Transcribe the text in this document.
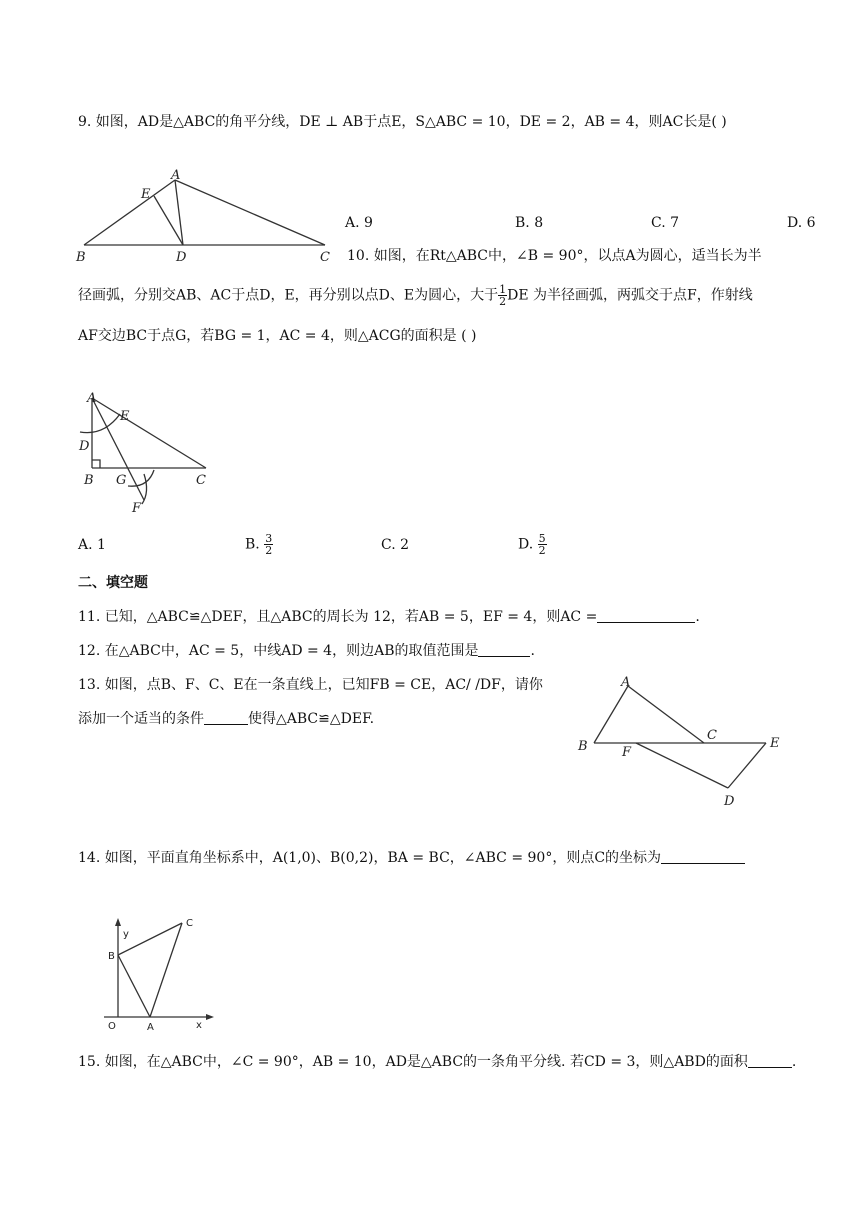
9. 如图，AD是△ABC的角平分线，DE ⊥ AB于点E，S△ABC = 10，DE = 2，AB = 4，则AC长是( )
A
E
B	D	C
A. 9	B. 8	C. 7	D. 6
10. 如图，在Rt△ABC中，∠B = 90°，以点A为圆心，适当长为半
径画弧，分别交AB、AC于点D，E，再分别以点D、E为圆心，大于 $\frac{1}{2}$ DE 为半径画弧，两弧交于点F，作射线
AF交边BC于点G，若BG = 1，AC = 4，则△ACG的面积是 ( )
A
E
D
B G	C
F
A. 1	B. $\frac{3}{2}$	C. 2	D. $\frac{5}{2}$
二、填空题
11. 已知，△ABC≌△DEF，且△ABC的周长为 12，若AB = 5，EF = 4，则AC =	.
12. 在△ABC中，AC = 5，中线AD = 4，则边AB的取值范围是	.
13. 如图，点B、F、C、E在一条直线上，已知FB = CE，AC/ /DF，请你
添加一个适当的条件	使得△ABC≌△DEF.
A
B	F
C
E
D
14. 如图，平面直角坐标系中，A(1,0)、B(0,2)，BA = BC，∠ABC = 90°，则点C的坐标为
y
B
C
O	A	x
15. 如图，在△ABC中，∠C = 90°，AB = 10，AD是△ABC的一条角平分线. 若CD = 3，则△ABD的面积	.
